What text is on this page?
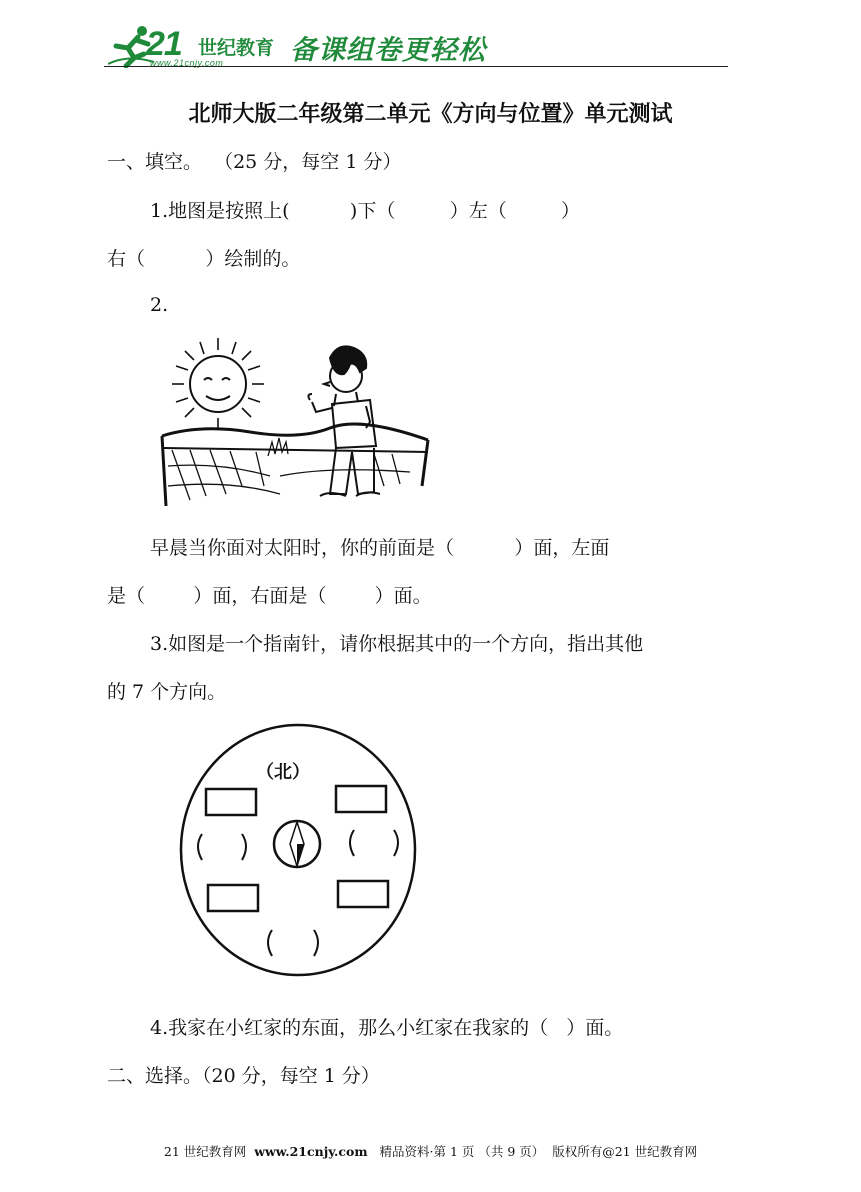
21 世纪教育
www.21cnjy.com 备课组卷更轻松
北师大版二年级第二单元《方向与位置》单元测试
一、填空。  （25 分，每空 1 分）
1.地图是按照上(          )下（         ）左（         ）
右（          ）绘制的。
2.
早晨当你面对太阳时，你的前面是（          ）面，左面
是（        ）面，右面是（        ）面。
3.如图是一个指南针，请你根据其中的一个方向，指出其他
的 7 个方向。
（北）
4.我家在小红家的东面，那么小红家在我家的（   ）面。
二、选择。（20 分，每空 1 分）
21 世纪教育网 www.21cnjy.com 精品资料·第 1 页 （共 9 页） 版权所有@21 世纪教育网
